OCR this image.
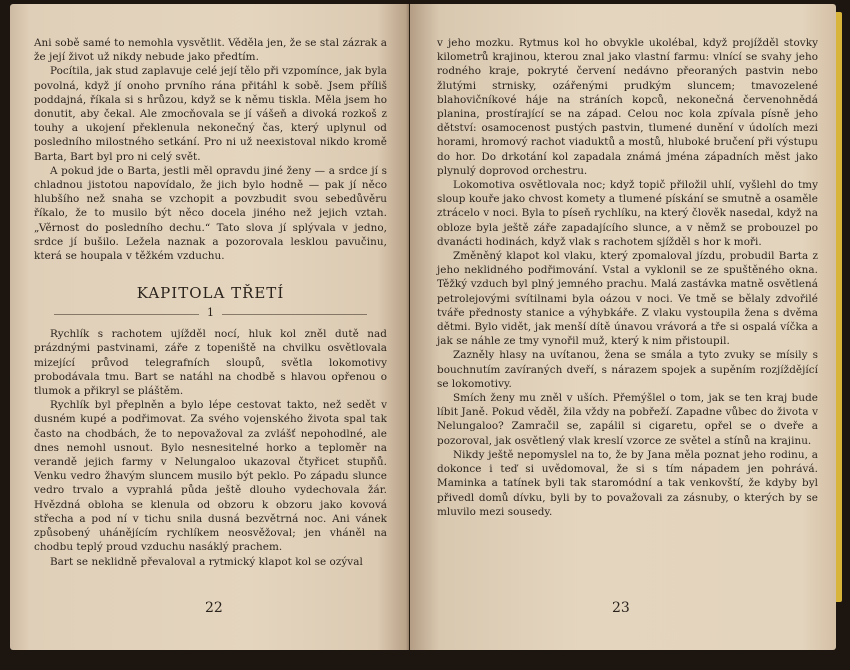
Ani sobě samé to nemohla vysvětlit. Věděla jen, že se stal zázrak a že její život už nikdy nebude jako předtím.

Pocítila, jak stud zaplavuje celé její tělo při vzpomínce, jak byla povolná, když jí onoho prvního rána přitáhl k sobě. Jsem příliš poddajná, říkala si s hrůzou, když se k němu tiskla. Měla jsem ho donutit, aby čekal. Ale zmocňovala se jí vášeň a divoká rozkoš z touhy a ukojení překlenula nekonečný čas, který uplynul od posledního milostného setkání. Pro ni už neexistoval nikdo kromě Barta, Bart byl pro ni celý svět.

A pokud jde o Barta, jestli měl opravdu jiné ženy — a srdce jí s chladnou jistotou napovídalo, že jich bylo hodně — pak jí něco hlubšího než snaha se vzchopit a povzbudit svou sebedůvěru říkalo, že to musilo být něco docela jiného než jejich vztah. „Věrnost do posledního dechu.“ Tato slova jí splývala v jedno, srdce jí bušilo. Ležela naznak a pozorovala lesklou pavučinu, která se houpala v těžkém vzduchu.

KAPITOLA TŘETÍ
1

Rychlík s rachotem ujížděl nocí, hluk kol zněl dutě nad prázdnými pastvinami, záře z topeniště na chvilku osvětlovala mizející průvod telegrafních sloupů, světla lokomotivy probodávala tmu. Bart se natáhl na chodbě s hlavou opřenou o tlumok a přikryl se pláštěm.

Rychlík byl přeplněn a bylo lépe cestovat takto, než sedět v dusném kupé a podřimovat. Za svého vojenského života spal tak často na chodbách, že to nepovažoval za zvlášť nepohodlné, ale dnes nemohl usnout. Bylo nesnesitelné horko a teploměr na verandě jejich farmy v Nelungaloo ukazoval čtyřicet stupňů. Venku vedro žhavým sluncem musilo být peklo. Po západu slunce vedro trvalo a vyprahlá půda ještě dlouho vydechovala žár. Hvězdná obloha se klenula od obzoru k obzoru jako kovová střecha a pod ní v tichu snila dusná bezvětrná noc. Ani vánek způsobený uhánějícím rychlíkem neosvěžoval; jen vháněl na chodbu teplý proud vzduchu nasáklý prachem.

Bart se neklidně převaloval a rytmický klapot kol se ozýval

22

v jeho mozku. Rytmus kol ho obvykle ukolébal, když projížděl stovky kilometrů krajinou, kterou znal jako vlastní farmu: vlnící se svahy jeho rodného kraje, pokryté červení nedávno přeoraných pastvin nebo žlutými strnisky, ozářenými prudkým sluncem; tmavozelené blahovičníkové háje na stráních kopců, nekonečná červenohnědá planina, prostírající se na západ. Celou noc kola zpívala písně jeho dětství: osamocenost pustých pastvin, tlumené dunění v údolích mezi horami, hromový rachot viaduktů a mostů, hluboké bručení při výstupu do hor. Do drkotání kol zapadala známá jména západních měst jako plynulý doprovod orchestru.

Lokomotiva osvětlovala noc; když topič přiložil uhlí, vyšlehl do tmy sloup kouře jako chvost komety a tlumené pískání se smutně a osaměle ztrácelo v noci. Byla to píseň rychlíku, na který člověk nasedal, když na obloze byla ještě záře zapadajícího slunce, a v němž se probouzel po dvanácti hodinách, když vlak s rachotem sjížděl s hor k moři.

Změněný klapot kol vlaku, který zpomaloval jízdu, probudil Barta z jeho neklidného podřimování. Vstal a vyklonil se ze spuštěného okna. Těžký vzduch byl plný jemného prachu. Malá zastávka matně osvětlená petrolejovými svítilnami byla oázou v noci. Ve tmě se bělaly zdvořilé tváře přednosty stanice a výhybkáře. Z vlaku vystoupila žena s dvěma dětmi. Bylo vidět, jak menší dítě únavou vrávorá a tře si ospalá víčka a jak se náhle ze tmy vynořil muž, který k nim přistoupil.

Zazněly hlasy na uvítanou, žena se smála a tyto zvuky se mísily s bouchnutím zavíraných dveří, s nárazem spojek a supěním rozjíždějící se lokomotivy.

Smích ženy mu zněl v uších. Přemýšlel o tom, jak se ten kraj bude líbit Janě. Pokud věděl, žila vždy na pobřeží. Zapadne vůbec do života v Nelungaloo? Zamračil se, zapálil si cigaretu, opřel se o dveře a pozoroval, jak osvětlený vlak kreslí vzorce ze světel a stínů na krajinu.

Nikdy ještě nepomyslel na to, že by Jana měla poznat jeho rodinu, a dokonce i teď si uvědomoval, že si s tím nápadem jen pohrává. Maminka a tatínek byli tak staromódní a tak venkovští, že kdyby byl přivedl domů dívku, byli by to považovali za zásnuby, o kterých by se mluvilo mezi sousedy.

23
